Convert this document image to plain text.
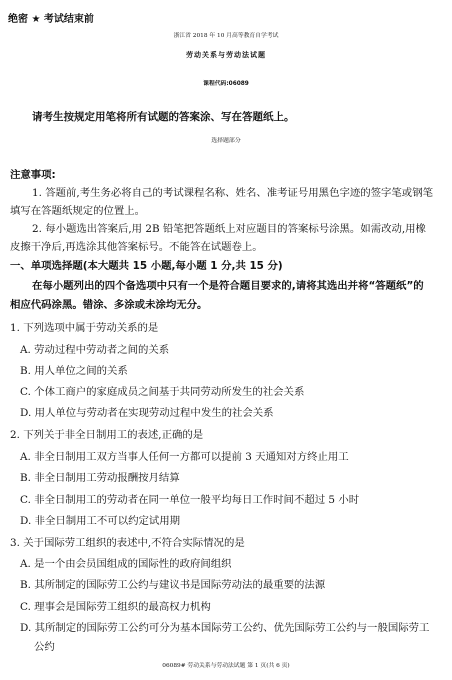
绝密 ★ 考试结束前
浙江省 2018 年 10 月高等教育自学考试
劳动关系与劳动法试题
课程代码:06089
请考生按规定用笔将所有试题的答案涂、写在答题纸上。
选择题部分
注意事项:
1. 答题前,考生务必将自己的考试课程名称、姓名、准考证号用黑色字迹的签字笔或钢笔
填写在答题纸规定的位置上。
2. 每小题选出答案后,用 2B 铅笔把答题纸上对应题目的答案标号涂黑。如需改动,用橡
皮擦干净后,再选涂其他答案标号。不能答在试题卷上。
一、单项选择题(本大题共 15 小题,每小题 1 分,共 15 分)
在每小题列出的四个备选项中只有一个是符合题目要求的,请将其选出并将“答题纸”的
相应代码涂黑。错涂、多涂或未涂均无分。
1. 下列选项中属于劳动关系的是
A. 劳动过程中劳动者之间的关系
B. 用人单位之间的关系
C. 个体工商户的家庭成员之间基于共同劳动所发生的社会关系
D. 用人单位与劳动者在实现劳动过程中发生的社会关系
2. 下列关于非全日制用工的表述,正确的是
A. 非全日制用工双方当事人任何一方都可以提前 3 天通知对方终止用工
B. 非全日制用工劳动报酬按月结算
C. 非全日制用工的劳动者在同一单位一般平均每日工作时间不超过 5 小时
D. 非全日制用工不可以约定试用期
3. 关于国际劳工组织的表述中,不符合实际情况的是
A. 是一个由会员国组成的国际性的政府间组织
B. 其所制定的国际劳工公约与建议书是国际劳动法的最重要的法源
C. 理事会是国际劳工组织的最高权力机构
D. 其所制定的国际劳工公约可分为基本国际劳工公约、优先国际劳工公约与一般国际劳工
公约
06089# 劳动关系与劳动法试题 第 1 页(共 6 页)
